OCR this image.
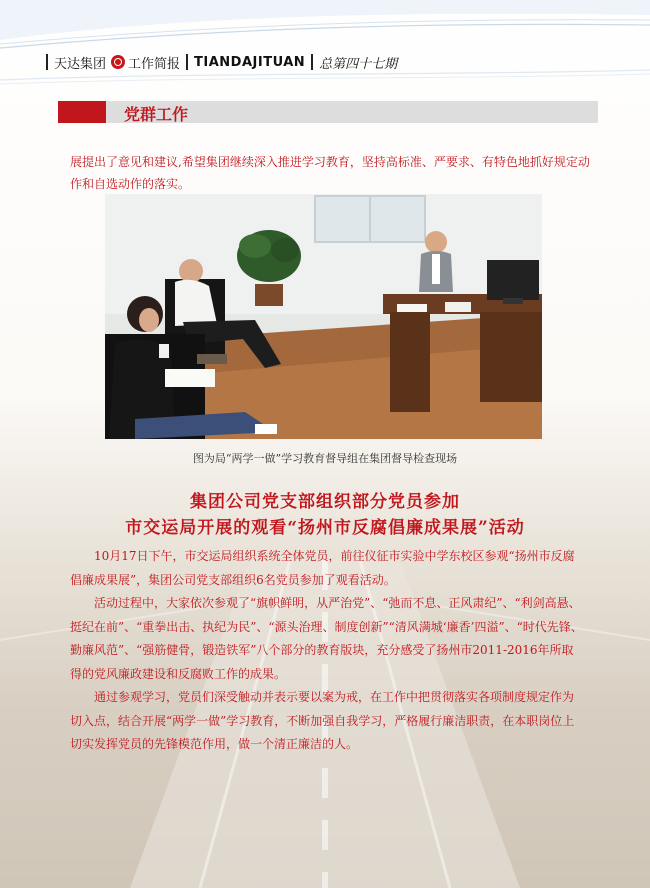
天达集团 工作简报 TIANDAJITUAN 总第四十七期
党群工作
展提出了意见和建议,希望集团继续深入推进学习教育，坚持高标准、严要求、有特色地抓好规定动作和自选动作的落实。
图为局“两学一做”学习教育督导组在集团督导检查现场
集团公司党支部组织部分党员参加
市交运局开展的观看“扬州市反腐倡廉成果展”活动

10月17日下午，市交运局组织系统全体党员，前往仪征市实验中学东校区参观“扬州市反腐倡廉成果展”，集团公司党支部组织6名党员参加了观看活动。

活动过程中，大家依次参观了“旗帜鲜明，从严治党”、“弛而不息、正风肃纪”、“利剑高悬、挺纪在前”、“重拳出击、执纪为民”、“源头治理、制度创新”“清风满城‘廉香’四溢”、“时代先锋、勤廉风范”、“强筋健骨，锻造铁军”八个部分的教育版块，充分感受了扬州市2011-2016年所取得的党风廉政建设和反腐败工作的成果。

通过参观学习，党员们深受触动并表示要以案为戒，在工作中把贯彻落实各项制度规定作为切入点，结合开展“两学一做”学习教育，不断加强自我学习，严格履行廉洁职责，在本职岗位上切实发挥党员的先锋模范作用，做一个清正廉洁的人。
